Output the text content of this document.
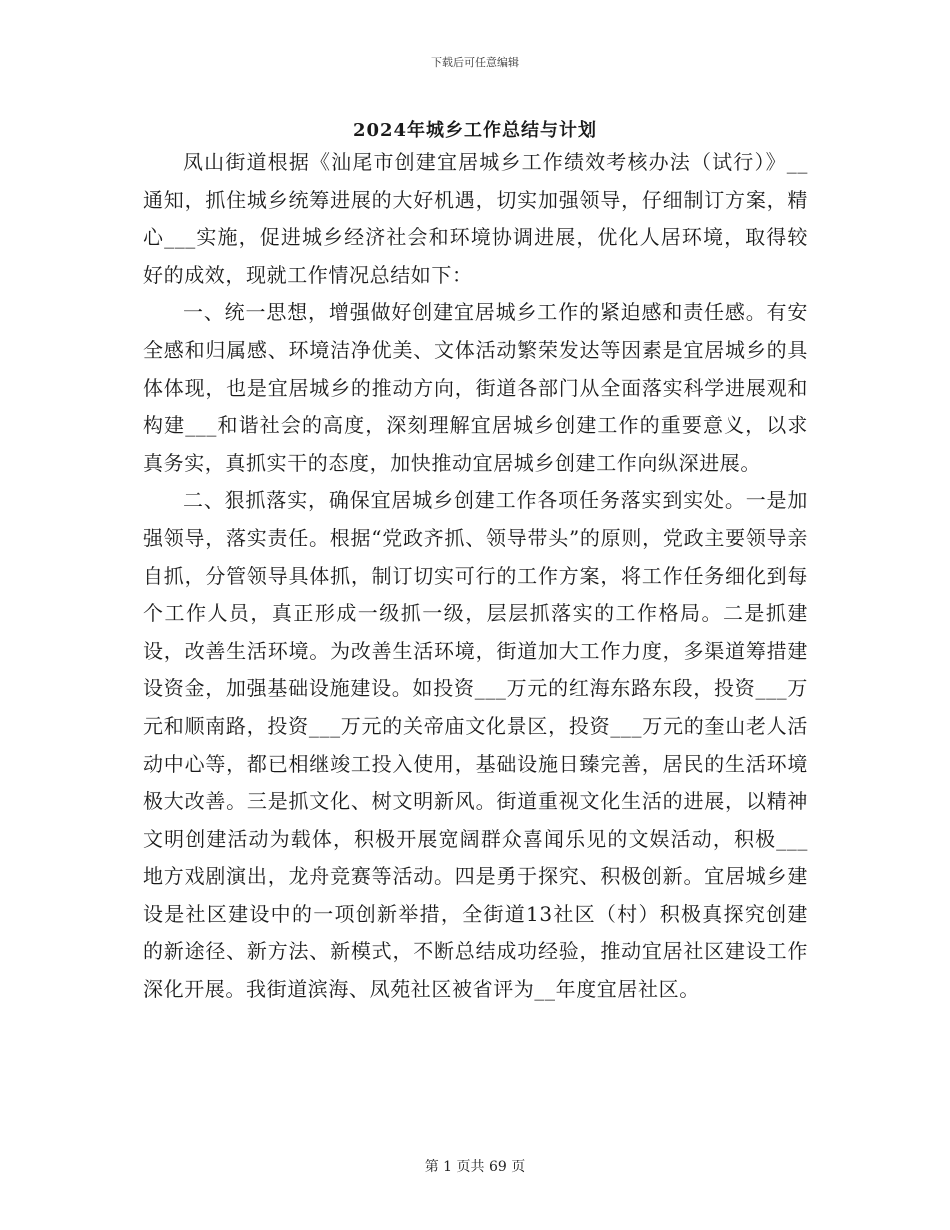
下载后可任意编辑
2024年城乡工作总结与计划

凤山街道根据《汕尾市创建宜居城乡工作绩效考核办法（试行）》__通知，抓住城乡统筹进展的大好机遇，切实加强领导，仔细制订方案，精心___实施，促进城乡经济社会和环境协调进展，优化人居环境，取得较好的成效，现就工作情况总结如下：

一、统一思想，增强做好创建宜居城乡工作的紧迫感和责任感。有安全感和归属感、环境洁净优美、文体活动繁荣发达等因素是宜居城乡的具体体现，也是宜居城乡的推动方向，街道各部门从全面落实科学进展观和构建___和谐社会的高度，深刻理解宜居城乡创建工作的重要意义，以求真务实，真抓实干的态度，加快推动宜居城乡创建工作向纵深进展。

二、狠抓落实，确保宜居城乡创建工作各项任务落实到实处。一是加强领导，落实责任。根据“党政齐抓、领导带头”的原则，党政主要领导亲自抓，分管领导具体抓，制订切实可行的工作方案，将工作任务细化到每个工作人员，真正形成一级抓一级，层层抓落实的工作格局。二是抓建设，改善生活环境。为改善生活环境，街道加大工作力度，多渠道筹措建设资金，加强基础设施建设。如投资___万元的红海东路东段，投资___万元和顺南路，投资___万元的关帝庙文化景区，投资___万元的奎山老人活动中心等，都已相继竣工投入使用，基础设施日臻完善，居民的生活环境极大改善。三是抓文化、树文明新风。街道重视文化生活的进展，以精神文明创建活动为载体，积极开展宽阔群众喜闻乐见的文娱活动，积极___地方戏剧演出，龙舟竞赛等活动。四是勇于探究、积极创新。宜居城乡建设是社区建设中的一项创新举措，全街道13社区（村）积极真探究创建的新途径、新方法、新模式，不断总结成功经验，推动宜居社区建设工作深化开展。我街道滨海、凤苑社区被省评为__年度宜居社区。

第 1 页共 69 页
